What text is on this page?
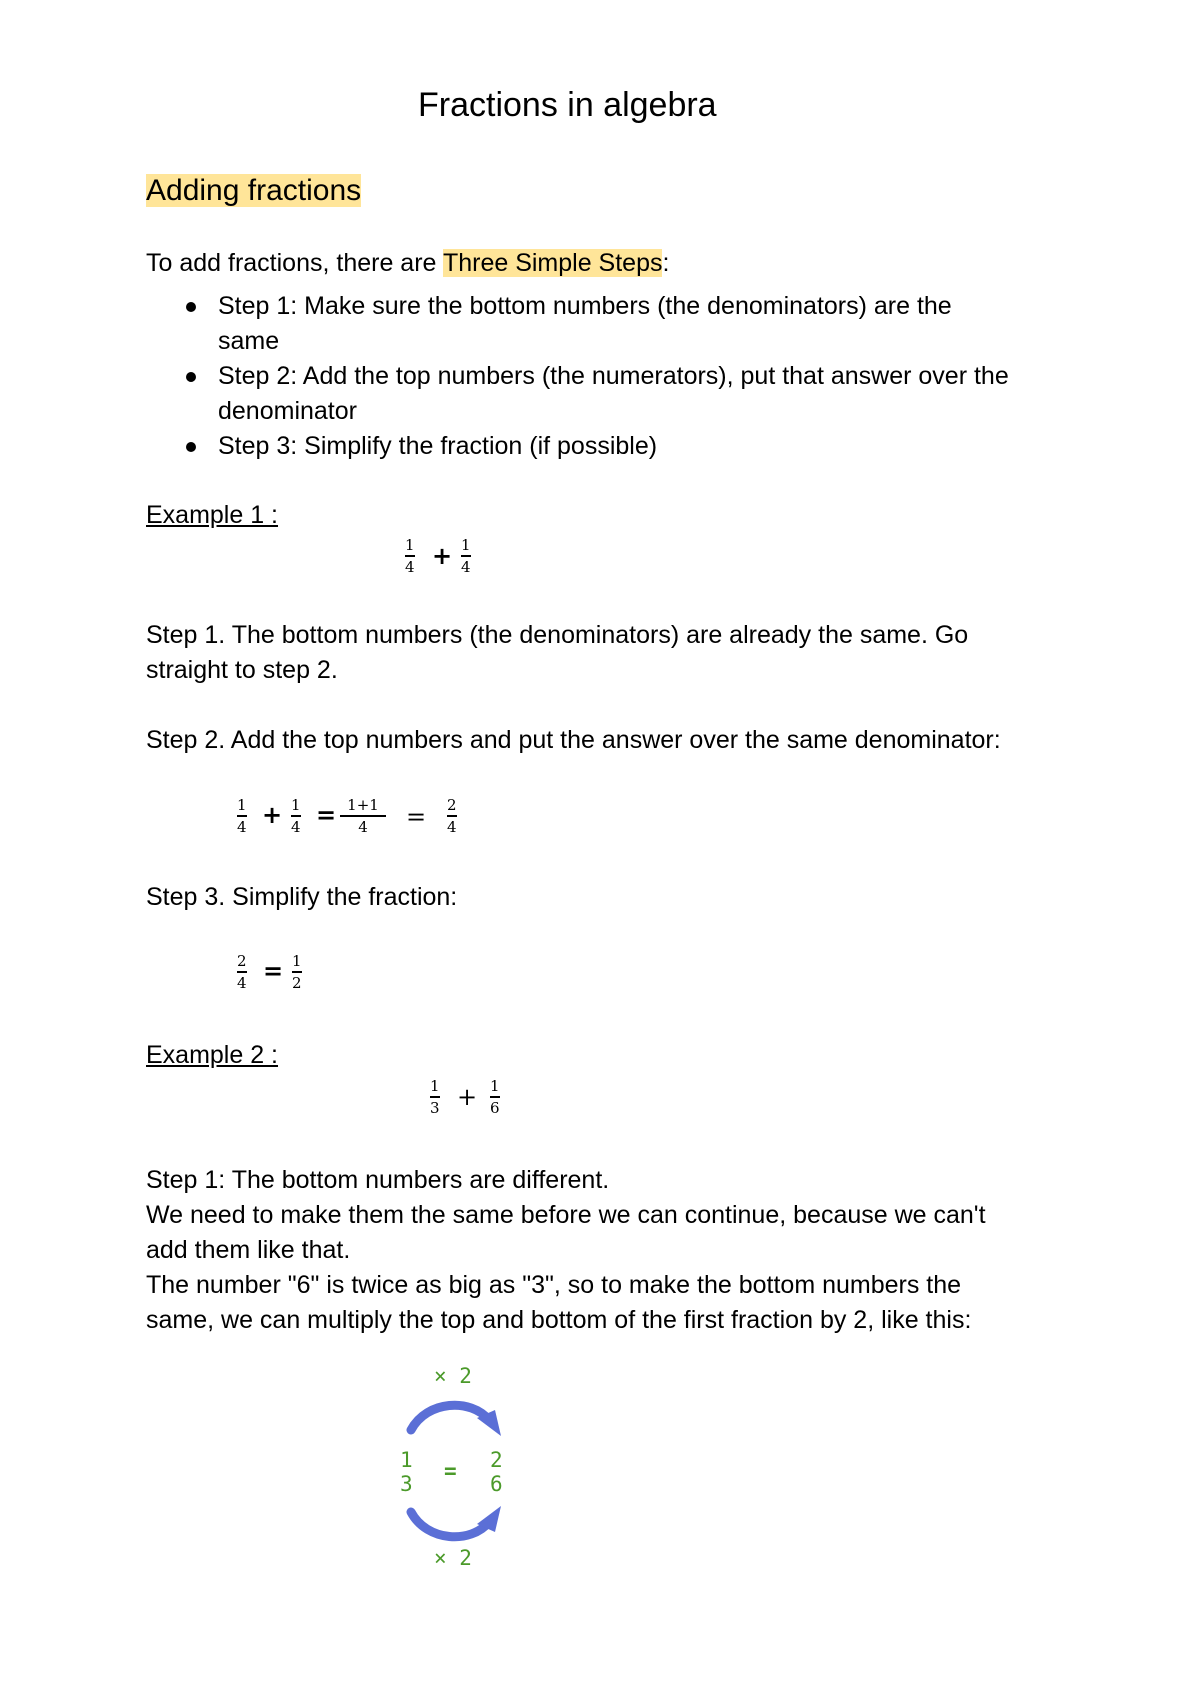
Fractions in algebra
Adding fractions
To add fractions, there are Three Simple Steps:
Step 1: Make sure the bottom numbers (the denominators) are the
same
Step 2: Add the top numbers (the numerators), put that answer over the
denominator
Step 3: Simplify the fraction (if possible)
Example 1 :
1
4 + 1
4
Step 1. The bottom numbers (the denominators) are already the same. Go
straight to step 2.
Step 2. Add the top numbers and put the answer over the same denominator:
1
4 + 1
4 = 1+1
4 = 2
4
Step 3. Simplify the fraction:
2
4 = 1
2
Example 2 :
1
3 + 1
6
Step 1: The bottom numbers are different.
We need to make them the same before we can continue, because we can't
add them like that.
The number "6" is twice as big as "3", so to make the bottom numbers the
same, we can multiply the top and bottom of the first fraction by 2, like this:
× 2
1
3
= 2
6
× 2
